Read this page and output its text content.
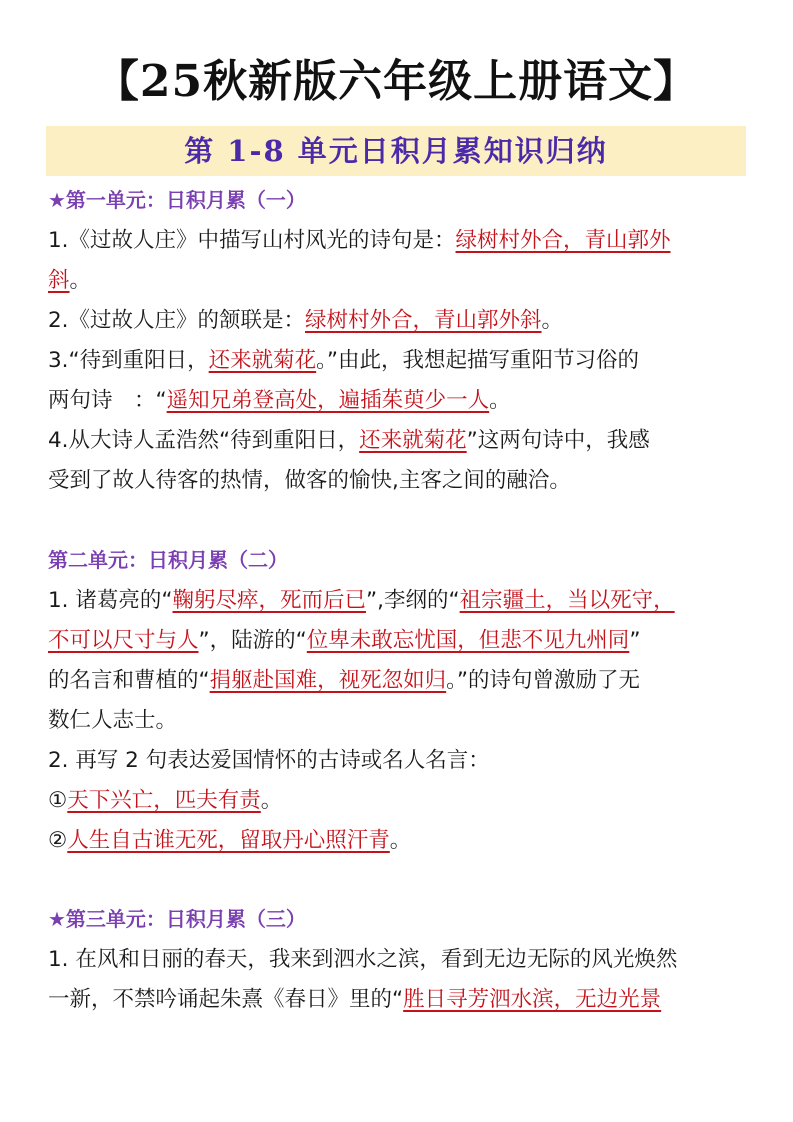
【25秋新版六年级上册语文】
第 1-8 单元日积月累知识归纳
★第一单元：日积月累（一）
1.《过故人庄》中描写山村风光的诗句是：绿树村外合，青山郭外
斜。
2.《过故人庄》的颔联是：绿树村外合，青山郭外斜。
3.“待到重阳日，还来就菊花。”由此，我想起描写重阳节习俗的
两句诗　：“遥知兄弟登高处，遍插茱萸少一人。
4.从大诗人孟浩然“待到重阳日，还来就菊花”这两句诗中，我感
受到了故人待客的热情，做客的愉快,主客之间的融洽。
第二单元：日积月累（二）
1. 诸葛亮的“鞠躬尽瘁，死而后已”,李纲的“祖宗疆土，当以死守，
不可以尺寸与人”，陆游的“位卑未敢忘忧国，但悲不见九州同”
的名言和曹植的“捐躯赴国难，视死忽如归。”的诗句曾激励了无
数仁人志士。
2. 再写 2 句表达爱国情怀的古诗或名人名言：
①天下兴亡，匹夫有责。
②人生自古谁无死，留取丹心照汗青。
★第三单元：日积月累（三）
1. 在风和日丽的春天，我来到泗水之滨，看到无边无际的风光焕然
一新，不禁吟诵起朱熹《春日》里的“胜日寻芳泗水滨，无边光景
